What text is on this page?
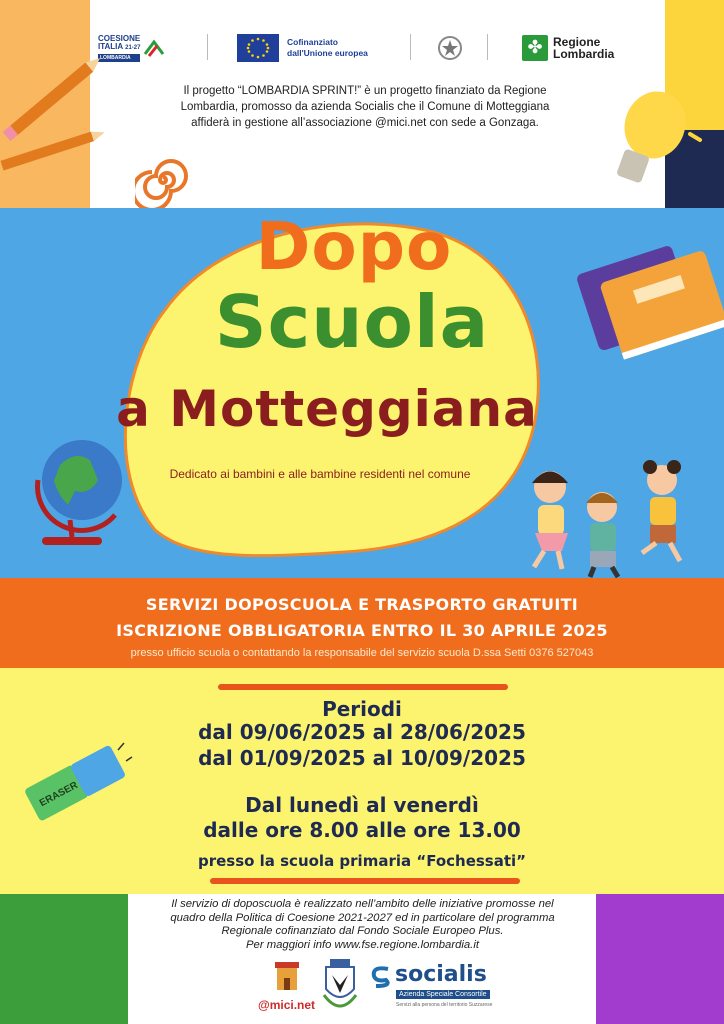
COESIONE
ITALIA 21-27
LOMBARDIA
Cofinanziato
dall'Unione europea	✤ Regione
Lombardia
Il progetto “LOMBARDIA SPRINT!” è un progetto finanziato da Regione
Lombardia, promosso da azienda Socialis che il Comune di Motteggiana
affiderà in gestione all’associazione @mici.net con sede a Gonzaga.
Dopo
Scuola
a Motteggiana
Dedicato ai bambini e alle bambine residenti nel comune
SERVIZI DOPOSCUOLA E TRASPORTO GRATUITI
ISCRIZIONE OBBLIGATORIA ENTRO IL 30 APRILE 2025
presso ufficio scuola o contattando la responsabile del servizio scuola D.ssa Setti 0376 527043
Periodi
dal 09/06/2025 al 28/06/2025
dal 01/09/2025 al 10/09/2025
Dal lunedì al venerdì
dalle ore 8.00 alle ore 13.00
presso la scuola primaria “Fochessati”
ERASER
Il servizio di doposcuola è realizzato nell’ambito delle iniziative promosse nel
quadro della Politica di Coesione 2021-2027 ed in particolare del programma
Regionale cofinanziato dal Fondo Sociale Europeo Plus.
Per maggiori info www.fse.regione.lombardia.it
@mici.net
socialis
Azienda Speciale Consortile
Servizi alla persona del territorio Suzzarese
